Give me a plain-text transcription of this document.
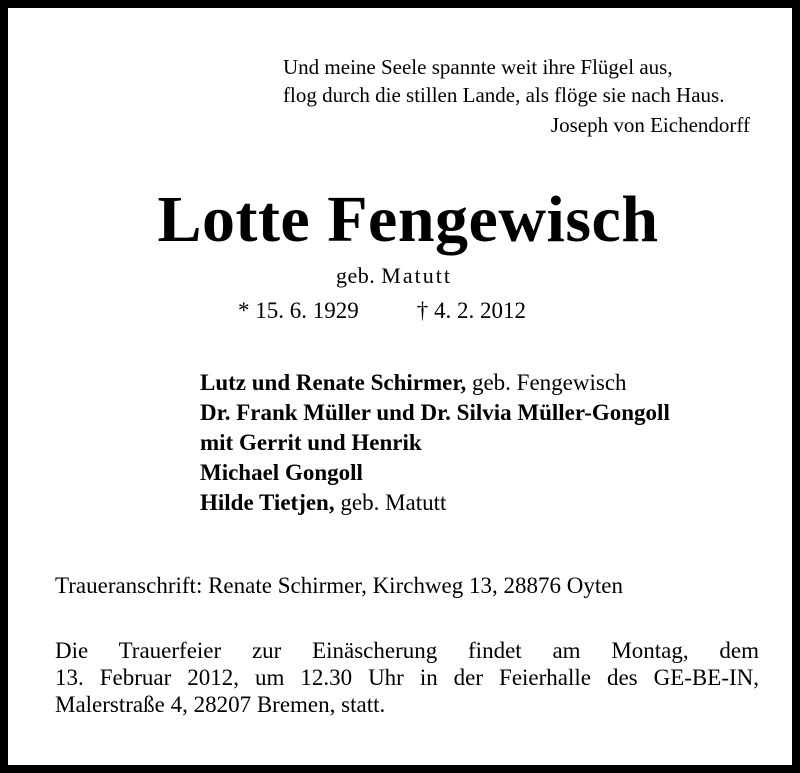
Und meine Seele spannte weit ihre Flügel aus,
flog durch die stillen Lande, als flöge sie nach Haus.
Joseph von Eichendorff
Lotte Fengewisch
geb. Matutt
* 15. 6. 1929	† 4. 2. 2012
Lutz und Renate Schirmer, geb. Fengewisch
Dr. Frank Müller und Dr. Silvia Müller-Gongoll
mit Gerrit und Henrik
Michael Gongoll
Hilde Tietjen, geb. Matutt
Traueranschrift: Renate Schirmer, Kirchweg 13, 28876 Oyten
Die Trauerfeier zur Einäscherung findet am Montag, dem
13. Februar 2012, um 12.30 Uhr in der Feierhalle des GE-BE-IN,
Malerstraße 4, 28207 Bremen, statt.
